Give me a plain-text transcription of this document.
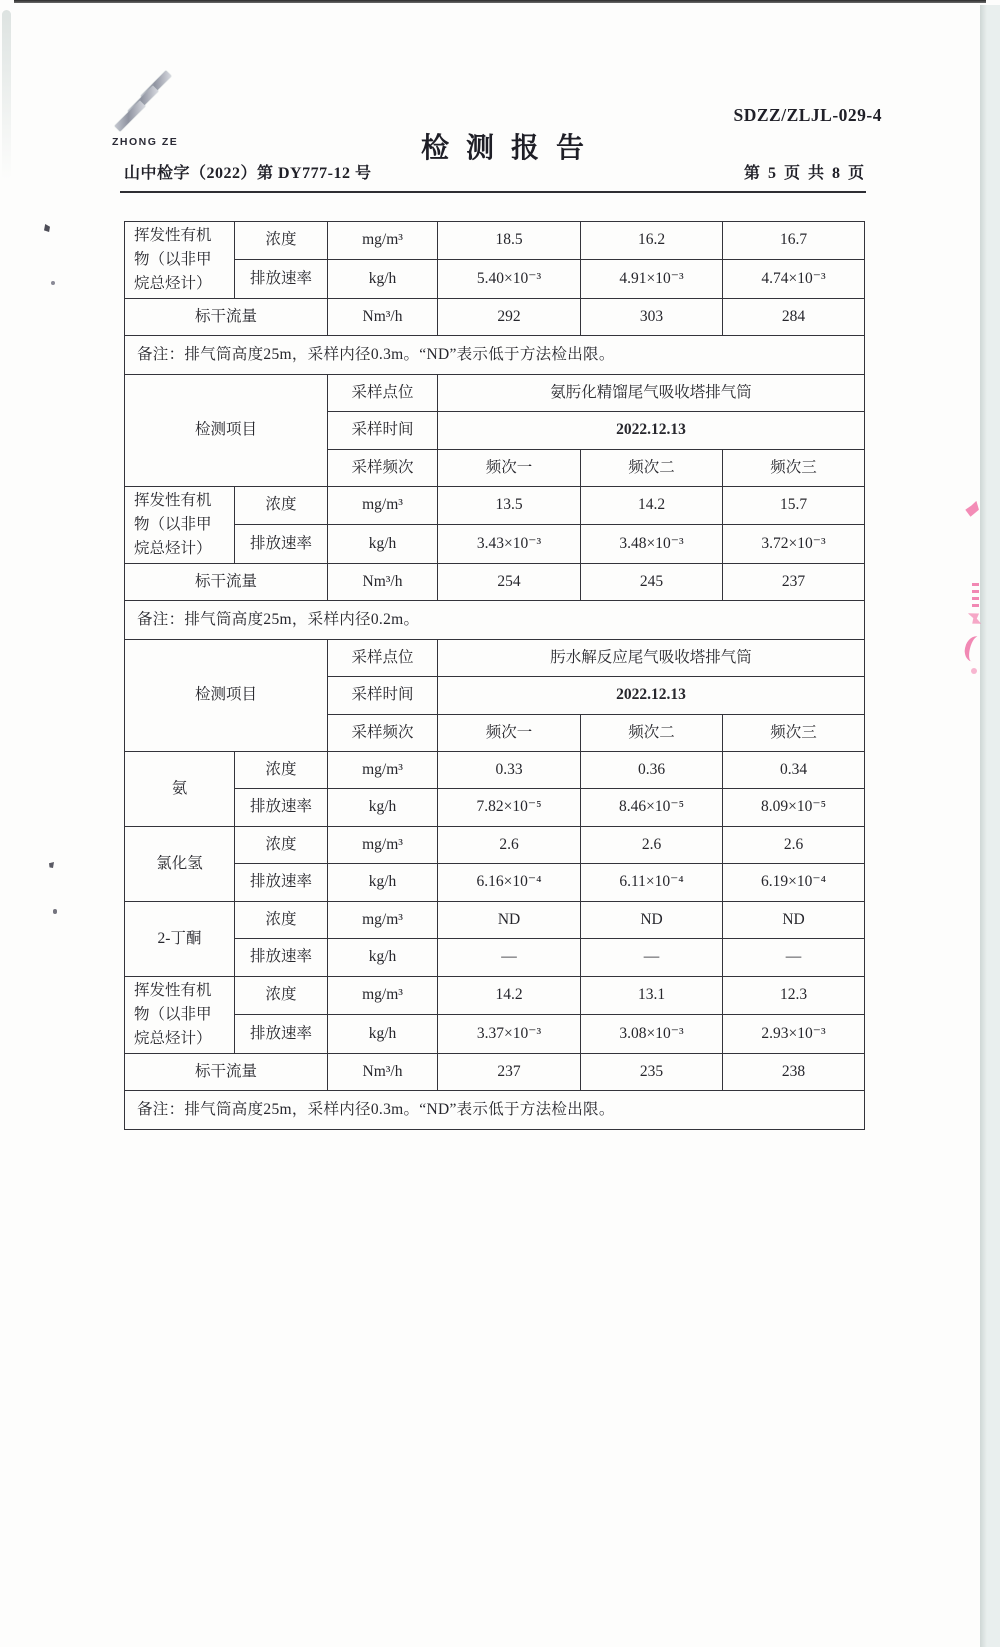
ZHONG ZE
SDZZ/ZLJL-029-4
检测报告
山中检字（2022）第 DY777-12 号	第 5 页 共 8 页
挥发性有机物（以非甲烷总烃计）	浓度	mg/m³	18.5	16.2	16.7
	排放速率	kg/h	5.40×10⁻³	4.91×10⁻³	4.74×10⁻³
标干流量		Nm³/h	292	303	284
备注：排气筒高度25m，采样内径0.3m。“ND”表示低于方法检出限。					
检测项目		采样点位	氨肟化精馏尾气吸收塔排气筒		
		采样时间	2022.12.13		
		采样频次	频次一	频次二	频次三
挥发性有机物（以非甲烷总烃计）	浓度	mg/m³	13.5	14.2	15.7
	排放速率	kg/h	3.43×10⁻³	3.48×10⁻³	3.72×10⁻³
标干流量		Nm³/h	254	245	237
备注：排气筒高度25m，采样内径0.2m。					
检测项目		采样点位	肟水解反应尾气吸收塔排气筒		
		采样时间	2022.12.13		
		采样频次	频次一	频次二	频次三
氨	浓度	mg/m³	0.33	0.36	0.34
	排放速率	kg/h	7.82×10⁻⁵	8.46×10⁻⁵	8.09×10⁻⁵
氯化氢	浓度	mg/m³	2.6	2.6	2.6
	排放速率	kg/h	6.16×10⁻⁴	6.11×10⁻⁴	6.19×10⁻⁴
2-丁酮	浓度	mg/m³	ND	ND	ND
	排放速率	kg/h	—	—	—
挥发性有机物（以非甲烷总烃计）	浓度	mg/m³	14.2	13.1	12.3
	排放速率	kg/h	3.37×10⁻³	3.08×10⁻³	2.93×10⁻³
标干流量		Nm³/h	237	235	238
备注：排气筒高度25m，采样内径0.3m。“ND”表示低于方法检出限。					
